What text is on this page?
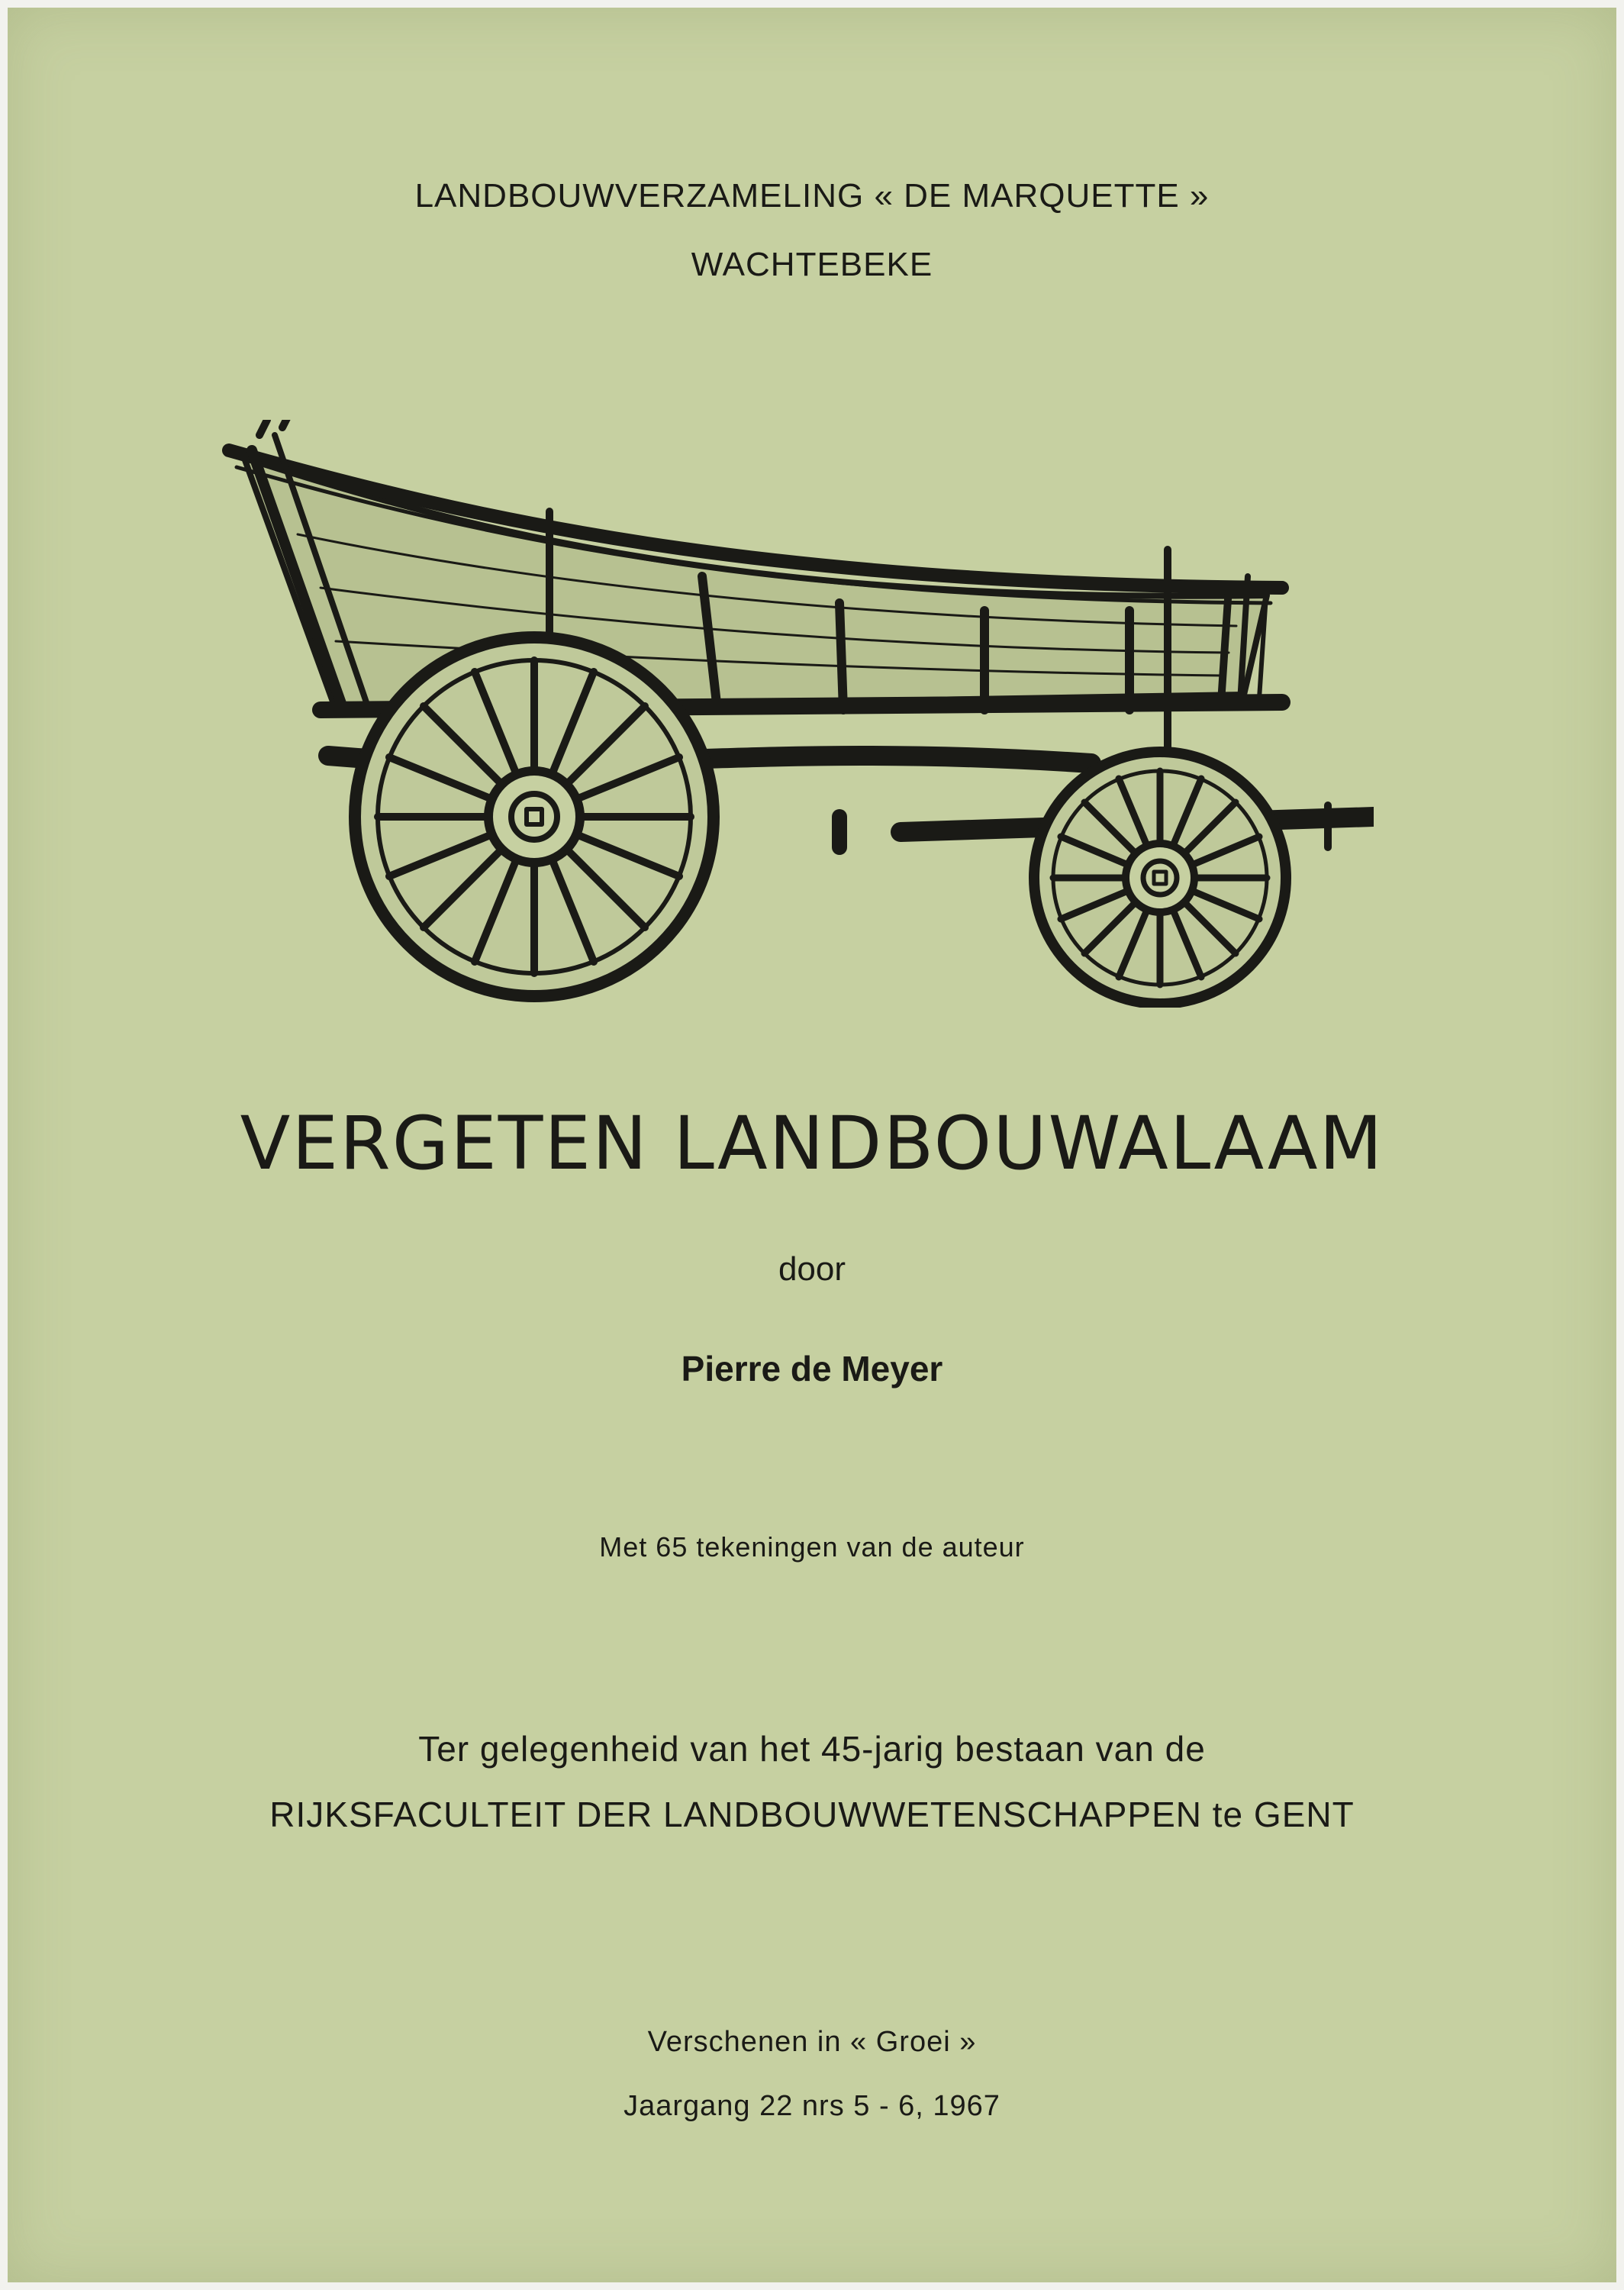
LANDBOUWVERZAMELING « DE MARQUETTE »
WACHTEBEKE
VERGETEN LANDBOUWALAAM
door
Pierre de Meyer
Met 65 tekeningen van de auteur
Ter gelegenheid van het 45-jarig bestaan van de
RIJKSFACULTEIT DER LANDBOUWWETENSCHAPPEN te GENT
Verschenen in « Groei »
Jaargang 22 nrs 5 - 6, 1967
